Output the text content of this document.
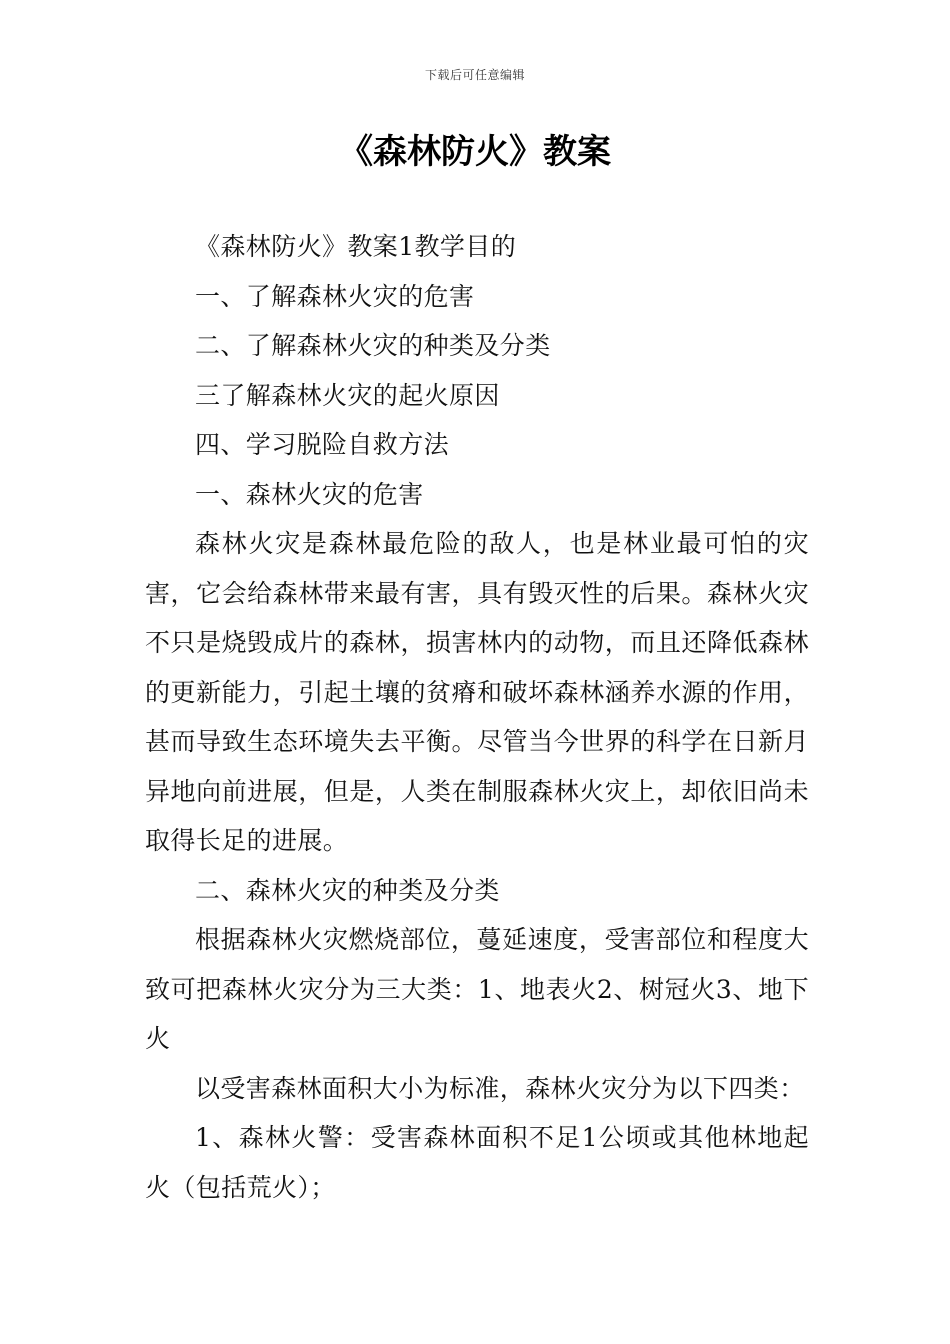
下载后可任意编辑
《森林防火》教案

《森林防火》教案1教学目的

一、了解森林火灾的危害

二、了解森林火灾的种类及分类

三了解森林火灾的起火原因

四、学习脱险自救方法

一、森林火灾的危害

森林火灾是森林最危险的敌人，也是林业最可怕的灾害，它会给森林带来最有害，具有毁灭性的后果。森林火灾不只是烧毁成片的森林，损害林内的动物，而且还降低森林的更新能力，引起土壤的贫瘠和破坏森林涵养水源的作用，甚而导致生态环境失去平衡。尽管当今世界的科学在日新月异地向前进展，但是，人类在制服森林火灾上，却依旧尚未取得长足的进展。

二、森林火灾的种类及分类

根据森林火灾燃烧部位，蔓延速度，受害部位和程度大致可把森林火灾分为三大类：1、地表火2、树冠火3、地下火

以受害森林面积大小为标准，森林火灾分为以下四类：

1、森林火警：受害森林面积不足1公顷或其他林地起火（包括荒火）；
